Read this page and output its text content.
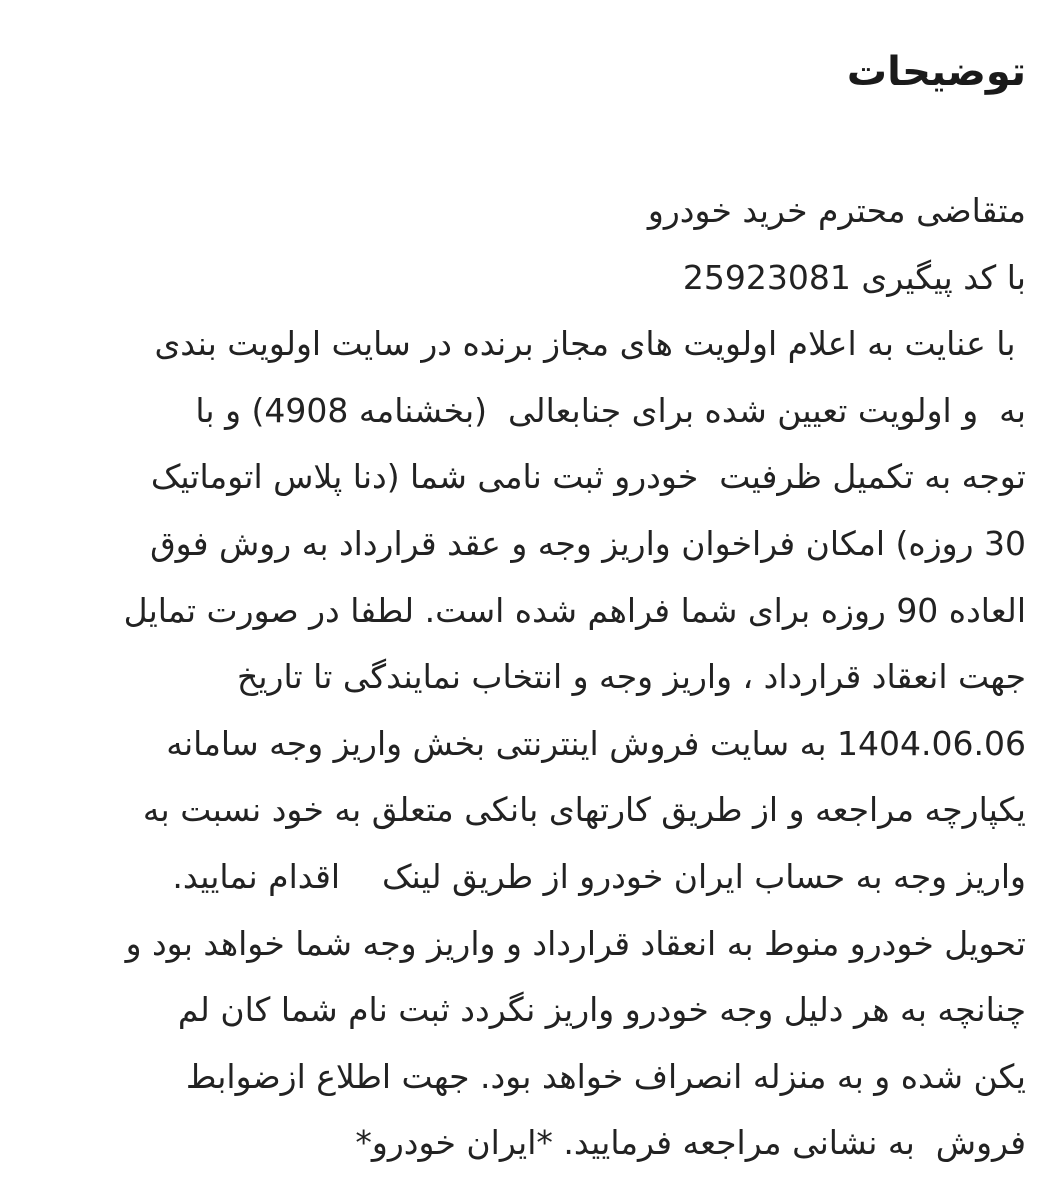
توضیحات
متقاضی محترم خرید خودرو
با کد پیگیری 25923081
با عنایت به اعلام اولویت های مجاز برنده در سایت اولویت بندی
به  و اولویت تعیین شده برای جنابعالی  (بخشنامه 4908) و با
توجه به تکمیل ظرفیت  خودرو ثبت نامی شما (دنا پلاس اتوماتیک
30 روزه) امکان فراخوان واریز وجه و عقد قرارداد به روش فوق
العاده 90 روزه برای شما فراهم شده است. لطفا در صورت تمایل
جهت انعقاد قرارداد ، واریز وجه و انتخاب نمایندگی تا تاریخ
1404.06.06 به سایت فروش اینترنتی بخش واریز وجه سامانه
یکپارچه مراجعه و از طریق کارتهای بانکی متعلق به خود نسبت به
واریز وجه به حساب ایران خودرو از طریق لینک    اقدام نمایید.
تحویل خودرو منوط به انعقاد قرارداد و واریز وجه شما خواهد بود و
چنانچه به هر دلیل وجه خودرو واریز نگردد ثبت نام شما کان لم
یکن شده و به منزله انصراف خواهد بود. جهت اطلاع ازضوابط
فروش  به نشانی مراجعه فرمایید. *ایران خودرو*
